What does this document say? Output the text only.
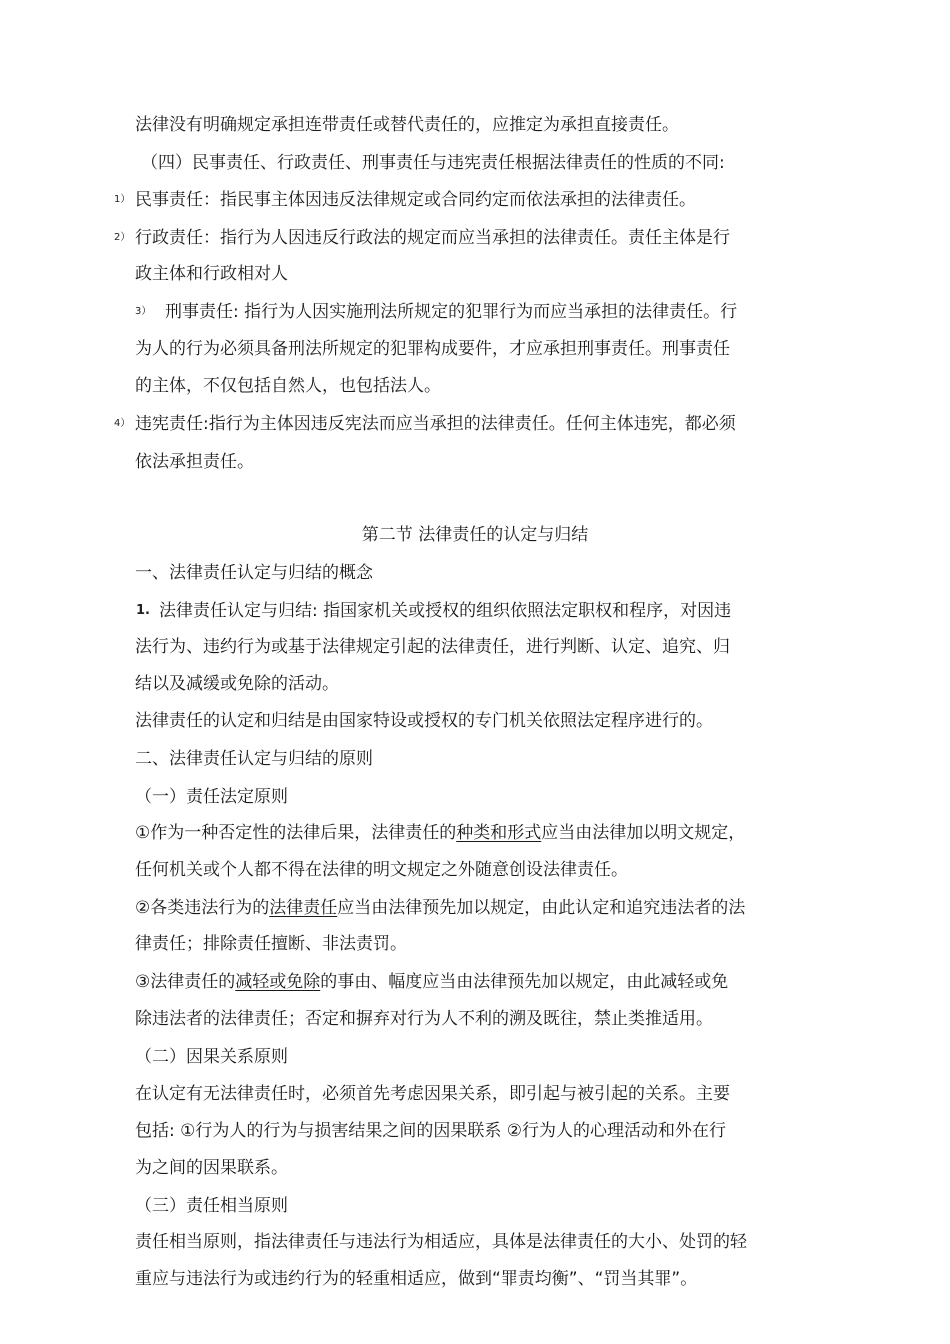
法律没有明确规定承担连带责任或替代责任的，应推定为承担直接责任。
（四）民事责任、行政责任、刑事责任与违宪责任根据法律责任的性质的不同:
1） 民事责任：指民事主体因违反法律规定或合同约定而依法承担的法律责任。
2） 行政责任：指行为人因违反行政法的规定而应当承担的法律责任。责任主体是行
政主体和行政相对人
3） 刑事责任: 指行为人因实施刑法所规定的犯罪行为而应当承担的法律责任。行
为人的行为必须具备刑法所规定的犯罪构成要件，才应承担刑事责任。刑事责任
的主体，不仅包括自然人，也包括法人。
4） 违宪责任:指行为主体因违反宪法而应当承担的法律责任。任何主体违宪，都必须
依法承担责任。
第二节 法律责任的认定与归结
一、法律责任认定与归结的概念
1. 法律责任认定与归结: 指国家机关或授权的组织依照法定职权和程序，对因违
法行为、违约行为或基于法律规定引起的法律责任，进行判断、认定、追究、归
结以及减缓或免除的活动。
法律责任的认定和归结是由国家特设或授权的专门机关依照法定程序进行的。
二、法律责任认定与归结的原则
（一）责任法定原则
①作为一种否定性的法律后果，法律责任的种类和形式应当由法律加以明文规定，
任何机关或个人都不得在法律的明文规定之外随意创设法律责任。
②各类违法行为的法律责任应当由法律预先加以规定，由此认定和追究违法者的法
律责任；排除责任擅断、非法责罚。
③法律责任的减轻或免除的事由、幅度应当由法律预先加以规定，由此减轻或免
除违法者的法律责任；否定和摒弃对行为人不利的溯及既往，禁止类推适用。
（二）因果关系原则
在认定有无法律责任时，必须首先考虑因果关系，即引起与被引起的关系。主要
包括: ①行为人的行为与损害结果之间的因果联系 ②行为人的心理活动和外在行
为之间的因果联系。
（三）责任相当原则
责任相当原则，指法律责任与违法行为相适应，具体是法律责任的大小、处罚的轻
重应与违法行为或违约行为的轻重相适应，做到“罪责均衡”、“罚当其罪”。
